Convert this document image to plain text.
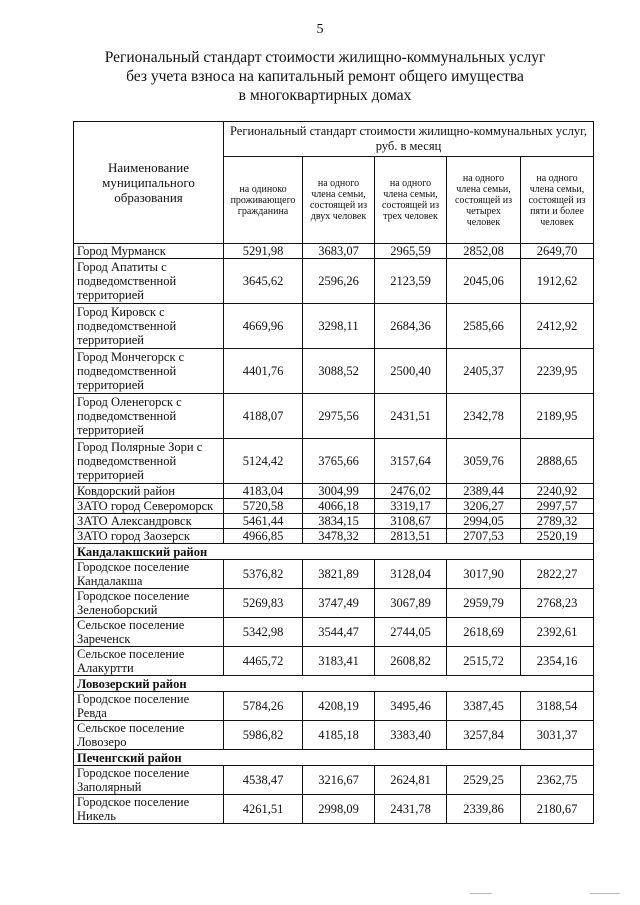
5
Региональный стандарт стоимости жилищно-коммунальных услуг
без учета взноса на капитальный ремонт общего имущества
в многоквартирных домах
Наименование муниципального образования	Региональный стандарт стоимости жилищно-коммунальных услуг, руб. в месяц				
	на одиноко проживающего гражданина	на одного члена семьи, состоящей из двух человек	на одного члена семьи, состоящей из трех человек	на одного члена семьи, состоящей из четырех человек	на одного члена семьи, состоящей из пяти и более человек
Город Мурманск	5291,98	3683,07	2965,59	2852,08	2649,70
Город Апатиты с подведомственной территорией	3645,62	2596,26	2123,59	2045,06	1912,62
Город Кировск с подведомственной территорией	4669,96	3298,11	2684,36	2585,66	2412,92
Город Мончегорск с подведомственной территорией	4401,76	3088,52	2500,40	2405,37	2239,95
Город Оленегорск с подведомственной территорией	4188,07	2975,56	2431,51	2342,78	2189,95
Город Полярные Зори с подведомственной территорией	5124,42	3765,66	3157,64	3059,76	2888,65
Ковдорский район	4183,04	3004,99	2476,02	2389,44	2240,92
ЗАТО город Североморск	5720,58	4066,18	3319,17	3206,27	2997,57
ЗАТО Александровск	5461,44	3834,15	3108,67	2994,05	2789,32
ЗАТО город Заозерск	4966,85	3478,32	2813,51	2707,53	2520,19
Кандалакшский район					
Городское поселение Кандалакша	5376,82	3821,89	3128,04	3017,90	2822,27
Городское поселение Зеленоборский	5269,83	3747,49	3067,89	2959,79	2768,23
Сельское поселение Зареченск	5342,98	3544,47	2744,05	2618,69	2392,61
Сельское поселение Алакуртти	4465,72	3183,41	2608,82	2515,72	2354,16
Ловозерский район					
Городское поселение Ревда	5784,26	4208,19	3495,46	3387,45	3188,54
Сельское поселение Ловозеро	5986,82	4185,18	3383,40	3257,84	3031,37
Печенгский район					
Городское поселение Заполярный	4538,47	3216,67	2624,81	2529,25	2362,75
Городское поселение Никель	4261,51	2998,09	2431,78	2339,86	2180,67
